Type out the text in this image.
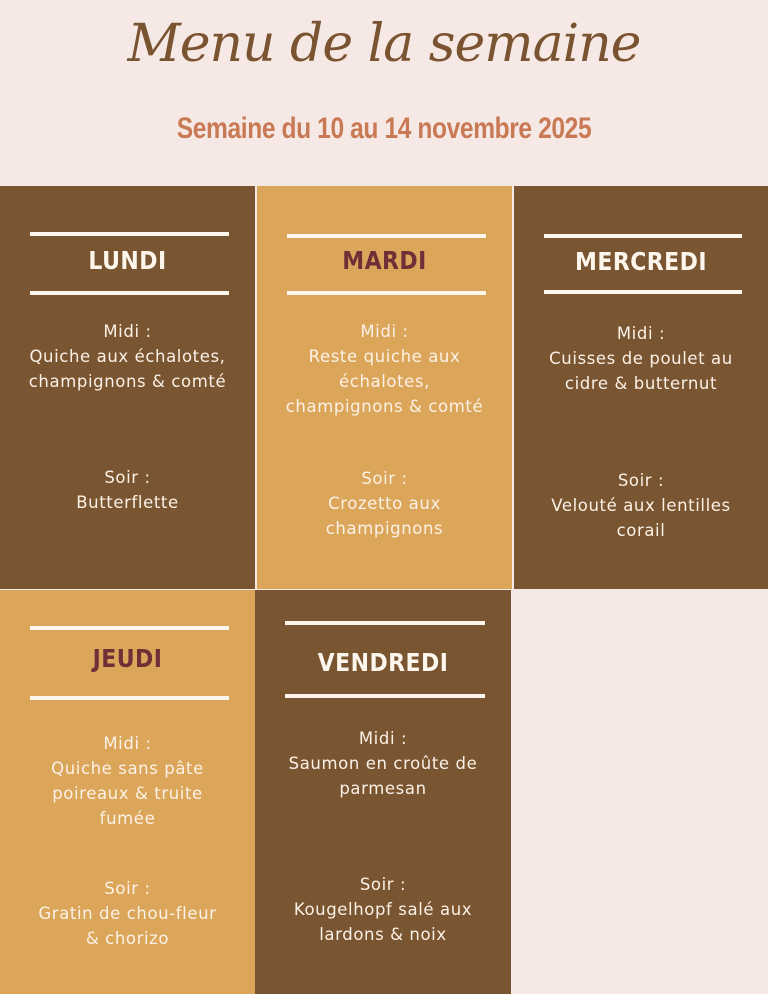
Menu de la semaine
Semaine du 10 au 14 novembre 2025
LUNDI
Midi :
Quiche aux échalotes,
champignons & comté
Soir :
Butterflette
MARDI
Midi :
Reste quiche aux
échalotes,
champignons & comté
Soir :
Crozetto aux
champignons
MERCREDI
Midi :
Cuisses de poulet au
cidre & butternut
Soir :
Velouté aux lentilles
corail
JEUDI
Midi :
Quiche sans pâte
poireaux & truite
fumée
Soir :
Gratin de chou-fleur
& chorizo
VENDREDI
Midi :
Saumon en croûte de
parmesan
Soir :
Kougelhopf salé aux
lardons & noix
